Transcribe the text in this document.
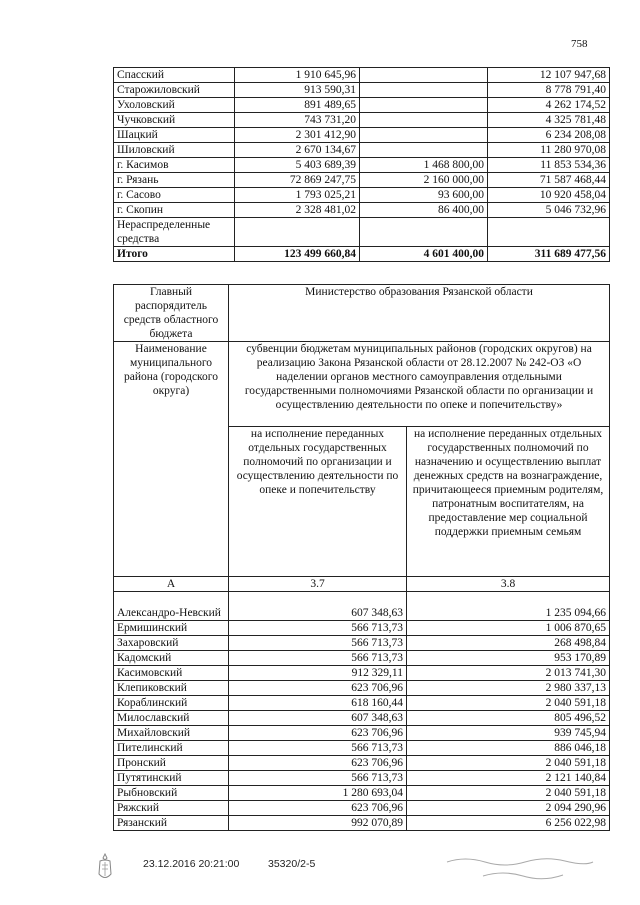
758
Спасский	1 910 645,96		12 107 947,68
Старожиловский	913 590,31		8 778 791,40
Ухоловский	891 489,65		4 262 174,52
Чучковский	743 731,20		4 325 781,48
Шацкий	2 301 412,90		6 234 208,08
Шиловский	2 670 134,67		11 280 970,08
г. Касимов	5 403 689,39	1 468 800,00	11 853 534,36
г. Рязань	72 869 247,75	2 160 000,00	71 587 468,44
г. Сасово	1 793 025,21	93 600,00	10 920 458,04
г. Скопин	2 328 481,02	86 400,00	5 046 732,96
Нераспределенные средства			
Итого	123 499 660,84	4 601 400,00	311 689 477,56
Главный распорядитель средств областного бюджета	Министерство образования Рязанской области	
Наименование муниципального района (городского округа)	субвенции бюджетам муниципальных районов (городских округов) на реализацию Закона Рязанской области от 28.12.2007 № 242-ОЗ «О наделении органов местного самоуправления отдельными государственными полномочиями Рязанской области по организации и осуществлению деятельности по опеке и попечительству»	
	на исполнение переданных отдельных государственных полномочий по организации и осуществлению деятельности по опеке и попечительству	на исполнение переданных отдельных государственных полномочий по назначению и осуществлению выплат денежных средств на вознаграждение, причитающееся приемным родителям, патронатным воспитателям, на предоставление мер социальной поддержки приемным семьям
А	3.7	3.8
Александро-Невский	607 348,63	1 235 094,66
Ермишинский	566 713,73	1 006 870,65
Захаровский	566 713,73	268 498,84
Кадомский	566 713,73	953 170,89
Касимовский	912 329,11	2 013 741,30
Клепиковский	623 706,96	2 980 337,13
Кораблинский	618 160,44	2 040 591,18
Милославский	607 348,63	805 496,52
Михайловский	623 706,96	939 745,94
Пителинский	566 713,73	886 046,18
Пронский	623 706,96	2 040 591,18
Путятинский	566 713,73	2 121 140,84
Рыбновский	1 280 693,04	2 040 591,18
Ряжский	623 706,96	2 094 290,96
Рязанский	992 070,89	6 256 022,98
23.12.2016 20:21:00	35320/2-5
